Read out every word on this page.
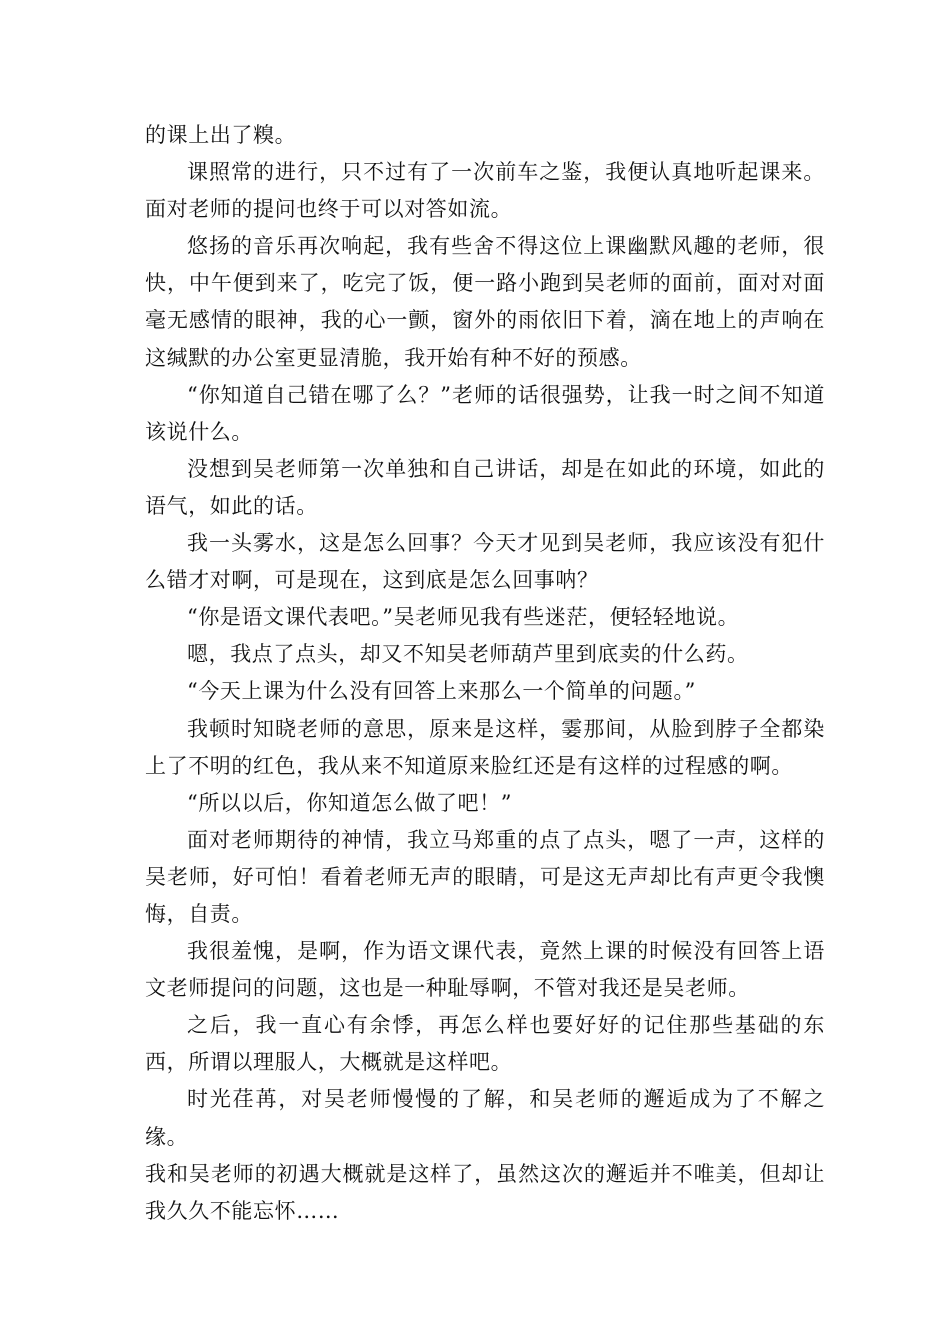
的课上出了糗。

课照常的进行，只不过有了一次前车之鉴，我便认真地听起课来。面对老师的提问也终于可以对答如流。

悠扬的音乐再次响起，我有些舍不得这位上课幽默风趣的老师，很快，中午便到来了，吃完了饭，便一路小跑到吴老师的面前，面对对面毫无感情的眼神，我的心一颤，窗外的雨依旧下着，滴在地上的声响在这缄默的办公室更显清脆，我开始有种不好的预感。

“你知道自己错在哪了么？”老师的话很强势，让我一时之间不知道该说什么。

没想到吴老师第一次单独和自己讲话，却是在如此的环境，如此的语气，如此的话。

我一头雾水，这是怎么回事？今天才见到吴老师，我应该没有犯什么错才对啊，可是现在，这到底是怎么回事呐？

“你是语文课代表吧。”吴老师见我有些迷茫，便轻轻地说。

嗯，我点了点头，却又不知吴老师葫芦里到底卖的什么药。

“今天上课为什么没有回答上来那么一个简单的问题。”

我顿时知晓老师的意思，原来是这样，霎那间，从脸到脖子全都染上了不明的红色，我从来不知道原来脸红还是有这样的过程感的啊。

“所以以后，你知道怎么做了吧！”

面对老师期待的神情，我立马郑重的点了点头，嗯了一声，这样的吴老师，好可怕！看着老师无声的眼睛，可是这无声却比有声更令我懊悔，自责。

我很羞愧，是啊，作为语文课代表，竟然上课的时候没有回答上语文老师提问的问题，这也是一种耻辱啊，不管对我还是吴老师。

之后，我一直心有余悸，再怎么样也要好好的记住那些基础的东西，所谓以理服人，大概就是这样吧。

时光荏苒，对吴老师慢慢的了解，和吴老师的邂逅成为了不解之缘。

我和吴老师的初遇大概就是这样了，虽然这次的邂逅并不唯美，但却让我久久不能忘怀……
